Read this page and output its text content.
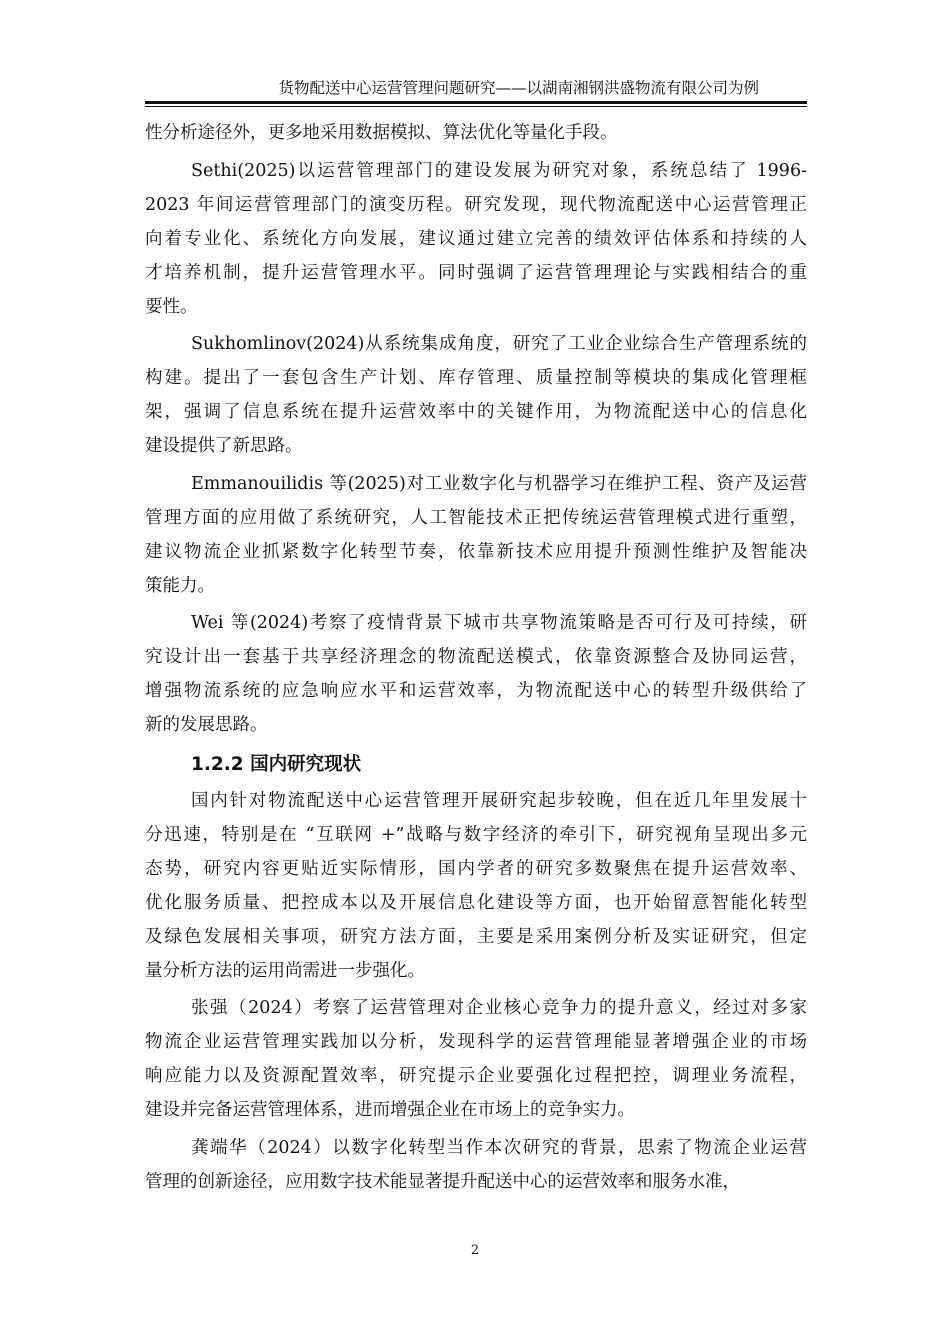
货物配送中心运营管理问题研究——以湖南湘钢洪盛物流有限公司为例
性分析途径外，更多地采用数据模拟、算法优化等量化手段。
Sethi(2025)以运营管理部门的建设发展为研究对象，系统总结了 1996-
2023 年间运营管理部门的演变历程。研究发现，现代物流配送中心运营管理正
向着专业化、系统化方向发展，建议通过建立完善的绩效评估体系和持续的人
才培养机制，提升运营管理水平。同时强调了运营管理理论与实践相结合的重
要性。
Sukhomlinov(2024)从系统集成角度，研究了工业企业综合生产管理系统的
构建。提出了一套包含生产计划、库存管理、质量控制等模块的集成化管理框
架，强调了信息系统在提升运营效率中的关键作用，为物流配送中心的信息化
建设提供了新思路。
Emmanouilidis 等(2025)对工业数字化与机器学习在维护工程、资产及运营
管理方面的应用做了系统研究，人工智能技术正把传统运营管理模式进行重塑，
建议物流企业抓紧数字化转型节奏，依靠新技术应用提升预测性维护及智能决
策能力。
Wei 等(2024)考察了疫情背景下城市共享物流策略是否可行及可持续，研
究设计出一套基于共享经济理念的物流配送模式，依靠资源整合及协同运营，
增强物流系统的应急响应水平和运营效率，为物流配送中心的转型升级供给了
新的发展思路。
1.2.2 国内研究现状
国内针对物流配送中心运营管理开展研究起步较晚，但在近几年里发展十
分迅速，特别是在 “互联网 +”战略与数字经济的牵引下，研究视角呈现出多元
态势，研究内容更贴近实际情形，国内学者的研究多数聚焦在提升运营效率、
优化服务质量、把控成本以及开展信息化建设等方面，也开始留意智能化转型
及绿色发展相关事项，研究方法方面，主要是采用案例分析及实证研究，但定
量分析方法的运用尚需进一步强化。
张强（2024）考察了运营管理对企业核心竞争力的提升意义，经过对多家
物流企业运营管理实践加以分析，发现科学的运营管理能显著增强企业的市场
响应能力以及资源配置效率，研究提示企业要强化过程把控，调理业务流程，
建设并完备运营管理体系，进而增强企业在市场上的竞争实力。
龚端华（2024）以数字化转型当作本次研究的背景，思索了物流企业运营
管理的创新途径，应用数字技术能显著提升配送中心的运营效率和服务水准，
2
